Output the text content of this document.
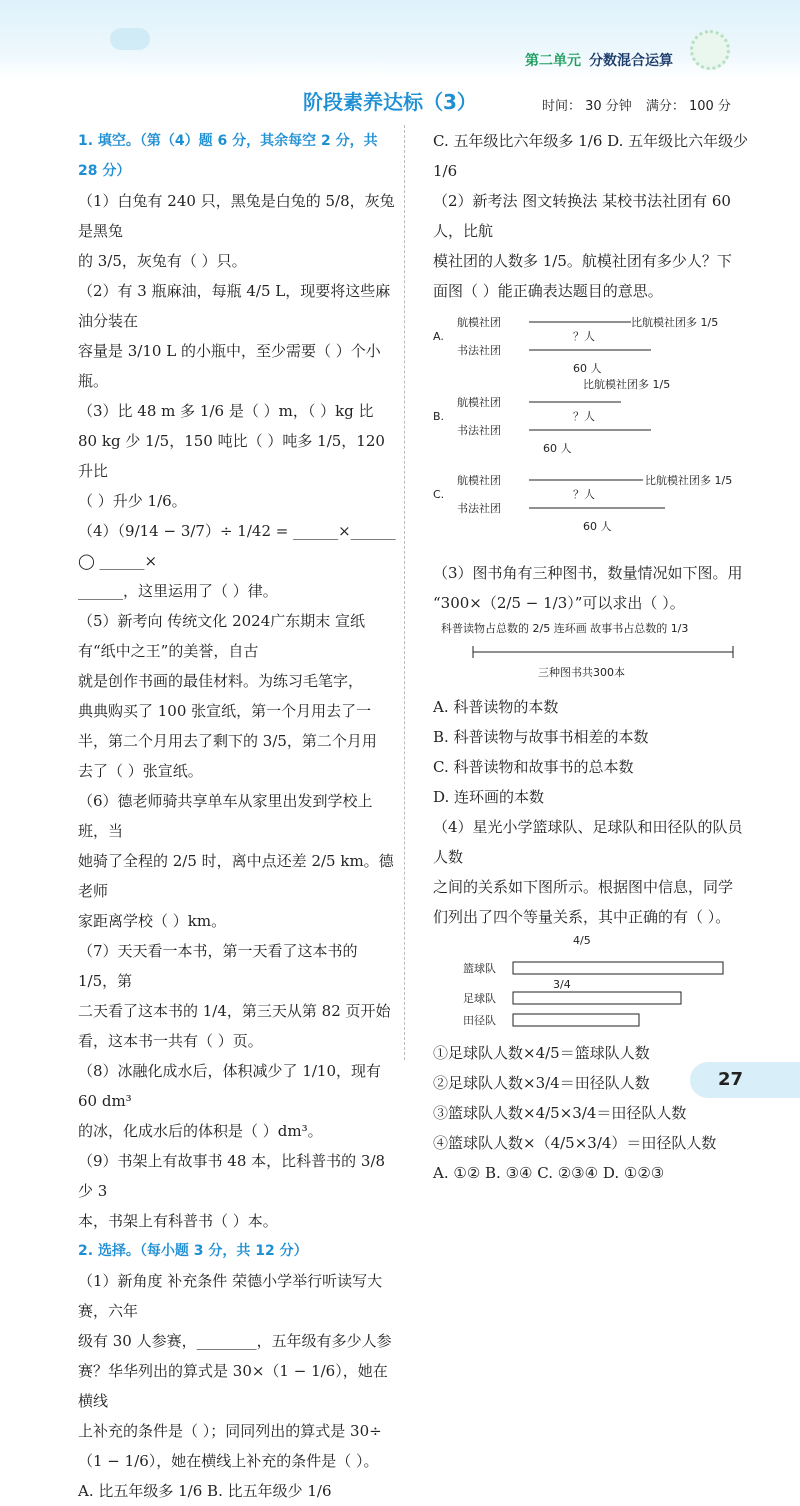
第二单元 分数混合运算
阶段素养达标（3）	时间： 30 分钟 满分： 100 分
1. 填空。（第（4）题 6 分，其余每空 2 分，共 28 分）
（1）白兔有 240 只，黑兔是白兔的 5/8，灰兔是黑兔
的 3/5，灰兔有（ ）只。
（2）有 3 瓶麻油，每瓶 4/5 L，现要将这些麻油分装在
容量是 3/10 L 的小瓶中，至少需要（ ）个小瓶。
（3）比 48 m 多 1/6 是（ ）m，（ ）kg 比
80 kg 少 1/5，150 吨比（ ）吨多 1/5，120 升比
（ ）升少 1/6。
（4）（9/14 − 3/7）÷ 1/42 = ______×______ ◯ ______×
______，这里运用了（ ）律。
（5）新考向 传统文化 2024广东期末 宣纸有“纸中之王”的美誉，自古
就是创作书画的最佳材料。为练习毛笔字，
典典购买了 100 张宣纸，第一个月用去了一
半，第二个月用去了剩下的 3/5，第二个月用
去了（ ）张宣纸。
（6）德老师骑共享单车从家里出发到学校上班，当
她骑了全程的 2/5 时，离中点还差 2/5 km。德老师
家距离学校（ ）km。
（7）天天看一本书，第一天看了这本书的 1/5，第
二天看了这本书的 1/4，第三天从第 82 页开始
看，这本书一共有（ ）页。
（8）冰融化成水后，体积减少了 1/10，现有 60 dm³
的冰，化成水后的体积是（ ）dm³。
（9）书架上有故事书 48 本，比科普书的 3/8 少 3
本，书架上有科普书（ ）本。
2. 选择。（每小题 3 分，共 12 分）
（1）新角度 补充条件 荣德小学举行听读写大赛，六年
级有 30 人参赛，________，五年级有多少人参
赛？华华列出的算式是 30×（1 − 1/6），她在横线
上补充的条件是（ ）；同同列出的算式是 30÷
（1 − 1/6），她在横线上补充的条件是（ ）。
A. 比五年级多 1/6 B. 比五年级少 1/6
C. 五年级比六年级多 1/6 D. 五年级比六年级少 1/6
（2）新考法 图文转换法 某校书法社团有 60 人，比航
模社团的人数多 1/5。航模社团有多少人？下
面图（ ）能正确表达题目的意思。
A.
航模社团
书法社团
？人
比航模社团多 1/5
60 人
B.
航模社团
书法社团
？人
比航模社团多 1/5
60 人
C.
航模社团
书法社团
？人
比航模社团多 1/5
60 人
（3）图书角有三种图书，数量情况如下图。用
“300×（2/5 − 1/3）”可以求出（ ）。
科普读物占总数的 2/5 连环画 故事书占总数的 1/3
三种图书共300本
A. 科普读物的本数
B. 科普读物与故事书相差的本数
C. 科普读物和故事书的总本数
D. 连环画的本数
（4）星光小学篮球队、足球队和田径队的队员人数
之间的关系如下图所示。根据图中信息，同学
们列出了四个等量关系，其中正确的有（ ）。
4/5
篮球队
3/4
足球队
田径队
①足球队人数×4/5＝篮球队人数
②足球队人数×3/4＝田径队人数
③篮球队人数×4/5×3/4＝田径队人数
④篮球队人数×（4/5×3/4）＝田径队人数
A. ①② B. ③④ C. ②③④ D. ①②③
27
